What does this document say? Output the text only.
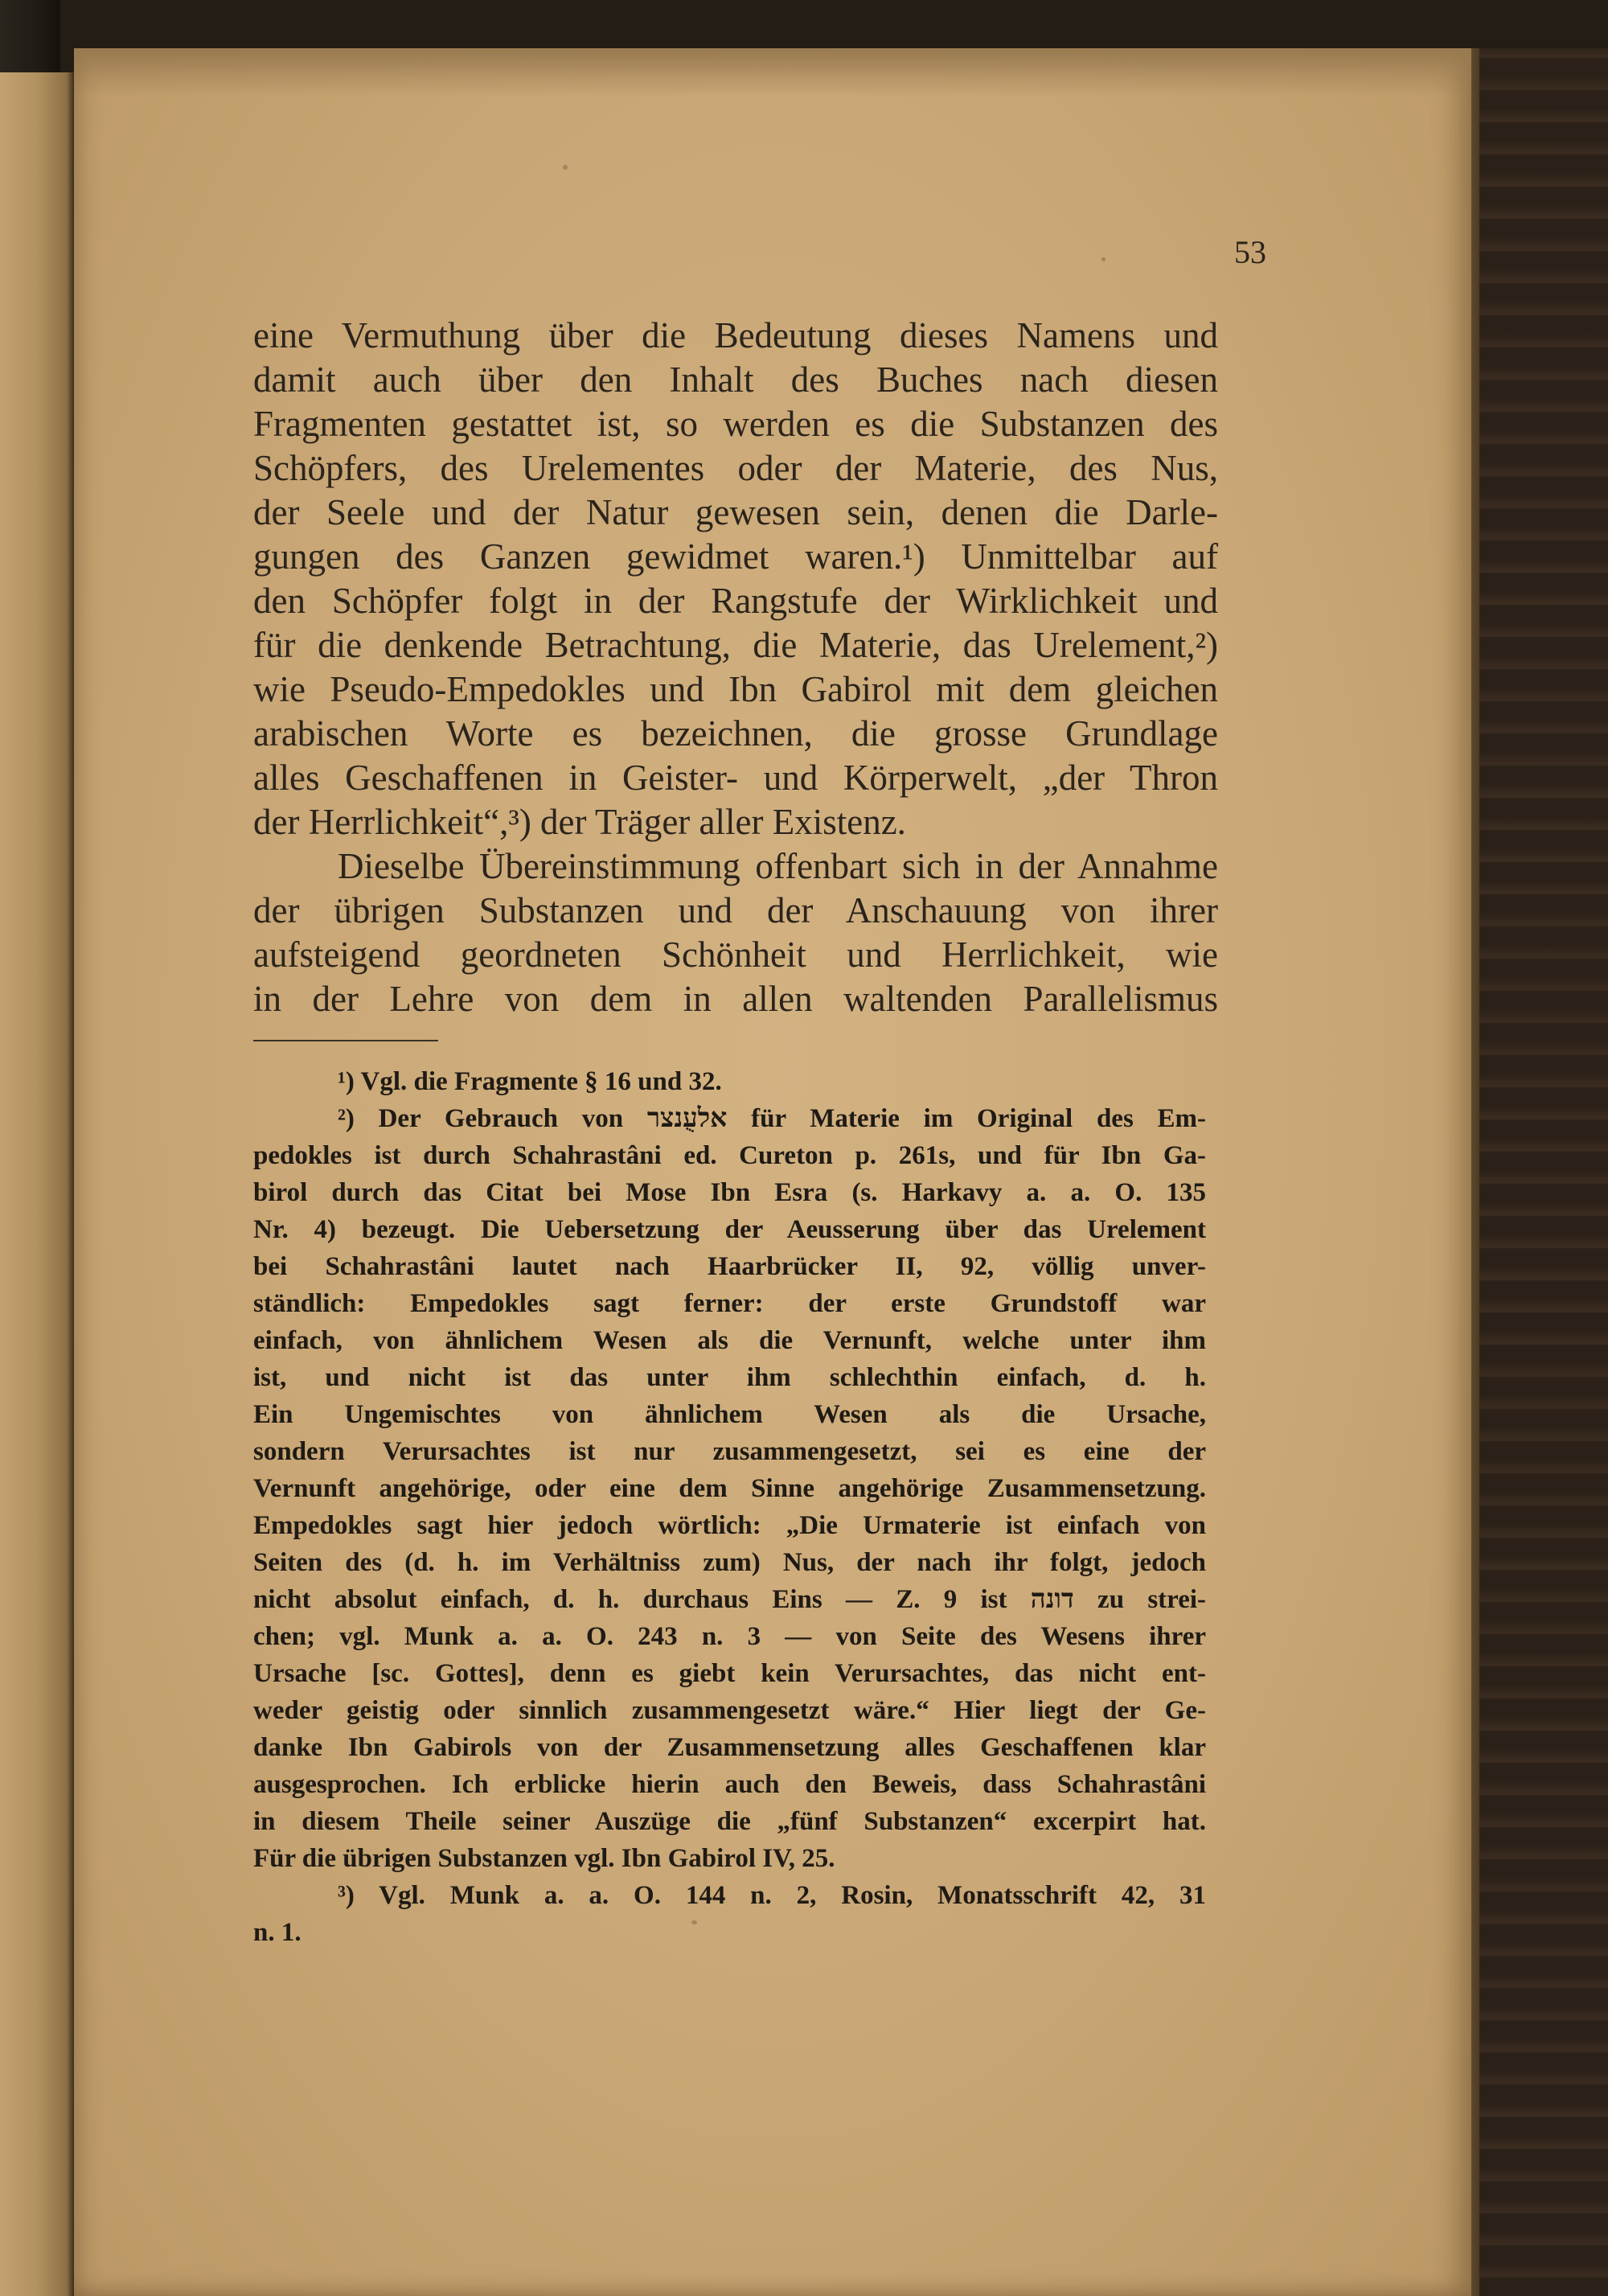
53
eine Vermuthung über die Bedeutung dieses Namens und
damit auch über den Inhalt des Buches nach diesen
Fragmenten gestattet ist, so werden es die Substanzen des
Schöpfers, des Urelementes oder der Materie, des Nus,
der Seele und der Natur gewesen sein, denen die Darle-
gungen des Ganzen gewidmet waren.¹) Unmittelbar auf
den Schöpfer folgt in der Rangstufe der Wirklichkeit und
für die denkende Betrachtung, die Materie, das Urelement,²)
wie Pseudo-Empedokles und Ibn Gabirol mit dem gleichen
arabischen Worte es bezeichnen, die grosse Grundlage
alles Geschaffenen in Geister- und Körperwelt, „der Thron
der Herrlichkeit“,³) der Träger aller Existenz.
Dieselbe Übereinstimmung offenbart sich in der Annahme
der übrigen Substanzen und der Anschauung von ihrer
aufsteigend geordneten Schönheit und Herrlichkeit, wie
in der Lehre von dem in allen waltenden Parallelismus
¹) Vgl. die Fragmente § 16 und 32.
²) Der Gebrauch von אלעֻנצר für Materie im Original des Em-
pedokles ist durch Schahrastâni ed. Cureton p. 261s, und für Ibn Ga-
birol durch das Citat bei Mose Ibn Esra (s. Harkavy a. a. O. 135
Nr. 4) bezeugt. Die Uebersetzung der Aeusserung über das Urelement
bei Schahrastâni lautet nach Haarbrücker II, 92, völlig unver-
ständlich: Empedokles sagt ferner: der erste Grundstoff war
einfach, von ähnlichem Wesen als die Vernunft, welche unter ihm
ist, und nicht ist das unter ihm schlechthin einfach, d. h.
Ein Ungemischtes von ähnlichem Wesen als die Ursache,
sondern Verursachtes ist nur zusammengesetzt, sei es eine der
Vernunft angehörige, oder eine dem Sinne angehörige Zusammensetzung.
Empedokles sagt hier jedoch wörtlich: „Die Urmaterie ist einfach von
Seiten des (d. h. im Verhältniss zum) Nus, der nach ihr folgt, jedoch
nicht absolut einfach, d. h. durchaus Eins — Z. 9 ist דונה zu strei-
chen; vgl. Munk a. a. O. 243 n. 3 — von Seite des Wesens ihrer
Ursache [sc. Gottes], denn es giebt kein Verursachtes, das nicht ent-
weder geistig oder sinnlich zusammengesetzt wäre.“ Hier liegt der Ge-
danke Ibn Gabirols von der Zusammensetzung alles Geschaffenen klar
ausgesprochen. Ich erblicke hierin auch den Beweis, dass Schahrastâni
in diesem Theile seiner Auszüge die „fünf Substanzen“ excerpirt hat.
Für die übrigen Substanzen vgl. Ibn Gabirol IV, 25.
³) Vgl. Munk a. a. O. 144 n. 2, Rosin, Monatsschrift 42, 31
n. 1.
